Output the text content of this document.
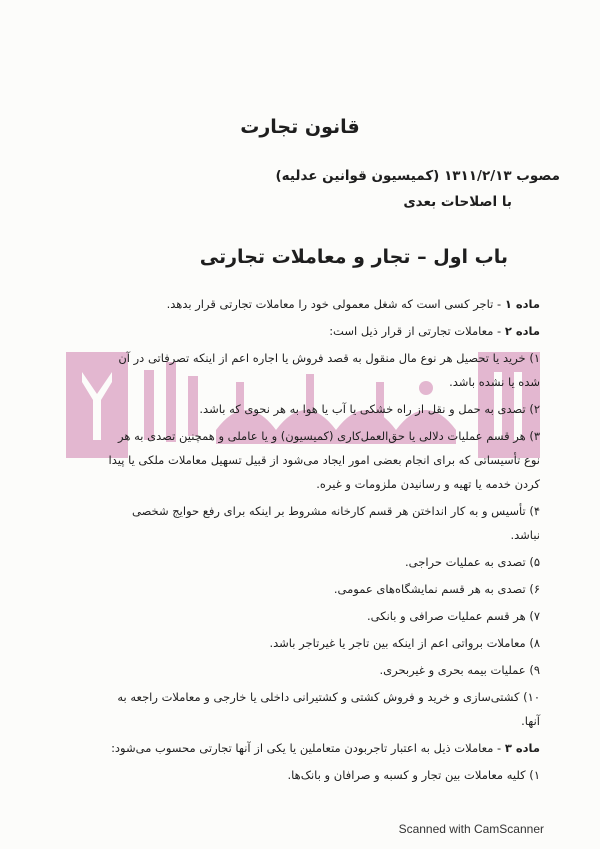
قانون تجارت
مصوب ۱۳۱۱/۲/۱۳ (کمیسیون قوانین عدلیه)
با اصلاحات بعدی
باب اول – تجار و معاملات تجارتی

ماده ۱ - تاجر کسی است که شغل معمولی خود را معاملات تجارتی قرار بدهد.

ماده ۲ - معاملات تجارتی از قرار ذیل است:

۱) خرید یا تحصیل هر نوع مال منقول به قصد فروش یا اجاره اعم از اینکه تصرفاتی در آن شده یا نشده باشد.

۲) تصدی به حمل و نقل از راه خشکی یا آب یا هوا به هر نحوی که باشد.

۳) هر قسم عملیات دلالی یا حق‌العمل‌کاری (کمیسیون) و یا عاملی و همچنین تصدی به هر نوع تأسیساتی که برای انجام بعضی امور ایجاد می‌شود از قبیل تسهیل معاملات ملکی یا پیدا کردن خدمه یا تهیه و رسانیدن ملزومات و غیره.

۴) تأسیس و به کار انداختن هر قسم کارخانه مشروط بر اینکه برای رفع حوایج شخصی نباشد.

۵) تصدی به عملیات حراجی.

۶) تصدی به هر قسم نمایشگاه‌های عمومی.

۷) هر قسم عملیات صرافی و بانکی.

۸) معاملات برواتی اعم از اینکه بین تاجر یا غیرتاجر باشد.

۹) عملیات بیمه بحری و غیربحری.

۱۰) کشتی‌سازی و خرید و فروش کشتی و کشتیرانی داخلی یا خارجی و معاملات راجعه به آنها.

ماده ۳ - معاملات ذیل به اعتبار تاجربودن متعاملین یا یکی از آنها تجارتی محسوب می‌شود:

۱) کلیه معاملات بین تجار و کسبه و صرافان و بانک‌ها.

Scanned with CamScanner
